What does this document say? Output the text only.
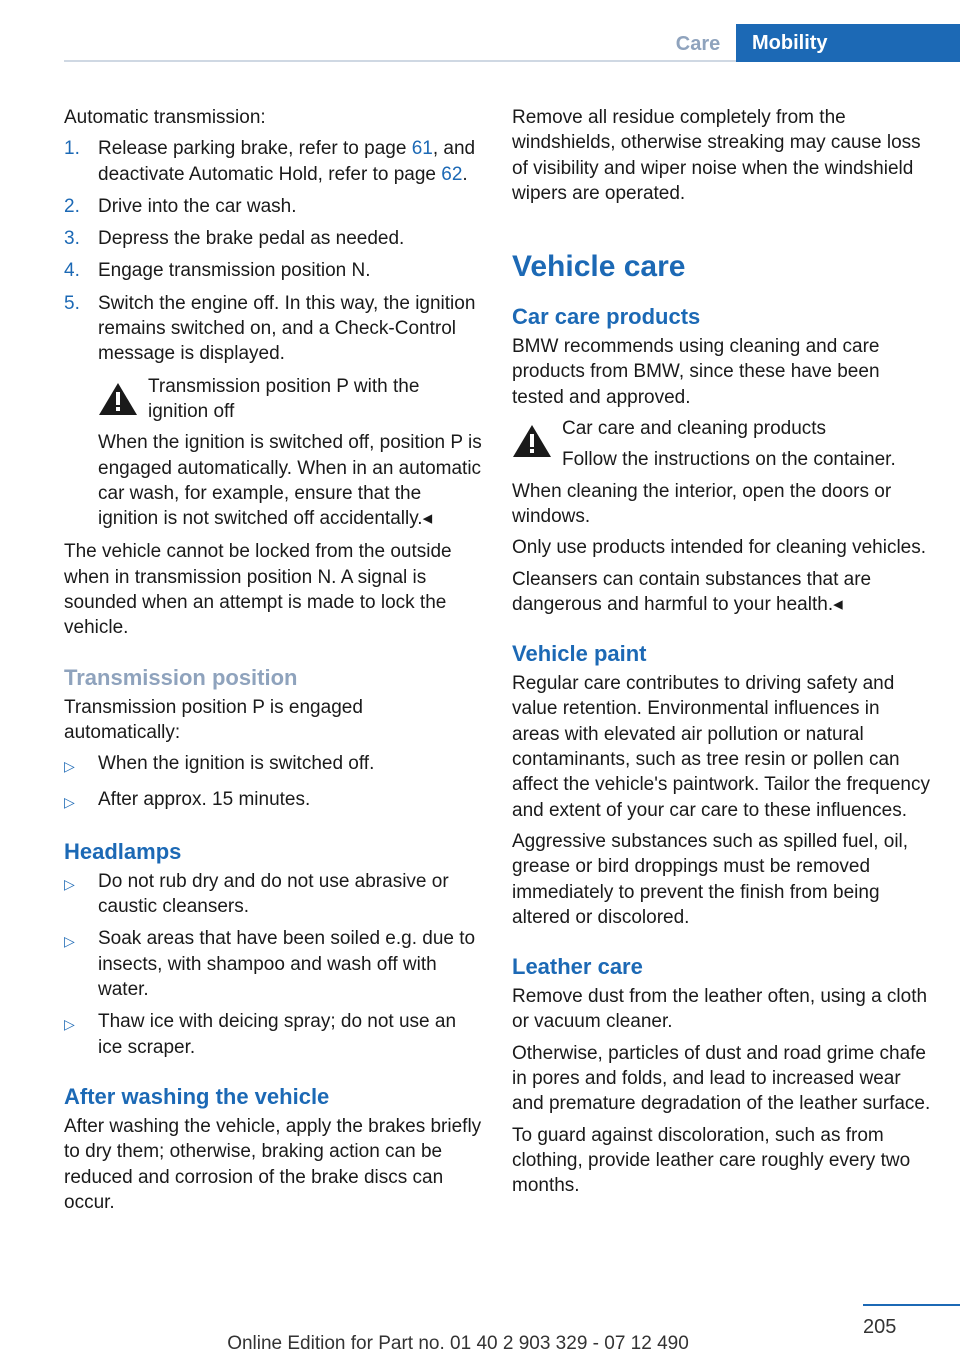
Care	Mobility

Automatic transmission:

1. Release parking brake, refer to page 61, and deactivate Automatic Hold, refer to page 62.
2. Drive into the car wash.
3. Depress the brake pedal as needed.
4. Engage transmission position N.
5. Switch the engine off. In this way, the ignition remains switched on, and a Check-Control message is displayed.
Transmission position P with the ignition off

When the ignition is switched off, position P is engaged automatically. When in an automatic car wash, for example, ensure that the ignition is not switched off accidentally.◂

The vehicle cannot be locked from the outside when in transmission position N. A signal is sounded when an attempt is made to lock the vehicle.

Transmission position

Transmission position P is engaged automatically:

▷	When the ignition is switched off.
▷	After approx. 15 minutes.
Headlamps
▷	Do not rub dry and do not use abrasive or caustic cleansers.
▷	Soak areas that have been soiled e.g. due to insects, with shampoo and wash off with water.
▷	Thaw ice with deicing spray; do not use an ice scraper.
After washing the vehicle

After washing the vehicle, apply the brakes briefly to dry them; otherwise, braking action can be reduced and corrosion of the brake discs can occur.

Remove all residue completely from the windshields, otherwise streaking may cause loss of visibility and wiper noise when the windshield wipers are operated.

Vehicle care
Car care products

BMW recommends using cleaning and care products from BMW, since these have been tested and approved.

Car care and cleaning products
Follow the instructions on the container.

When cleaning the interior, open the doors or windows.

Only use products intended for cleaning vehicles.

Cleansers can contain substances that are dangerous and harmful to your health.◂

Vehicle paint

Regular care contributes to driving safety and value retention. Environmental influences in areas with elevated air pollution or natural contaminants, such as tree resin or pollen can affect the vehicle's paintwork. Tailor the frequency and extent of your car care to these influences.

Aggressive substances such as spilled fuel, oil, grease or bird droppings must be removed immediately to prevent the finish from being altered or discolored.

Leather care

Remove dust from the leather often, using a cloth or vacuum cleaner.

Otherwise, particles of dust and road grime chafe in pores and folds, and lead to increased wear and premature degradation of the leather surface.

To guard against discoloration, such as from clothing, provide leather care roughly every two months.

205
Online Edition for Part no. 01 40 2 903 329 - 07 12 490
